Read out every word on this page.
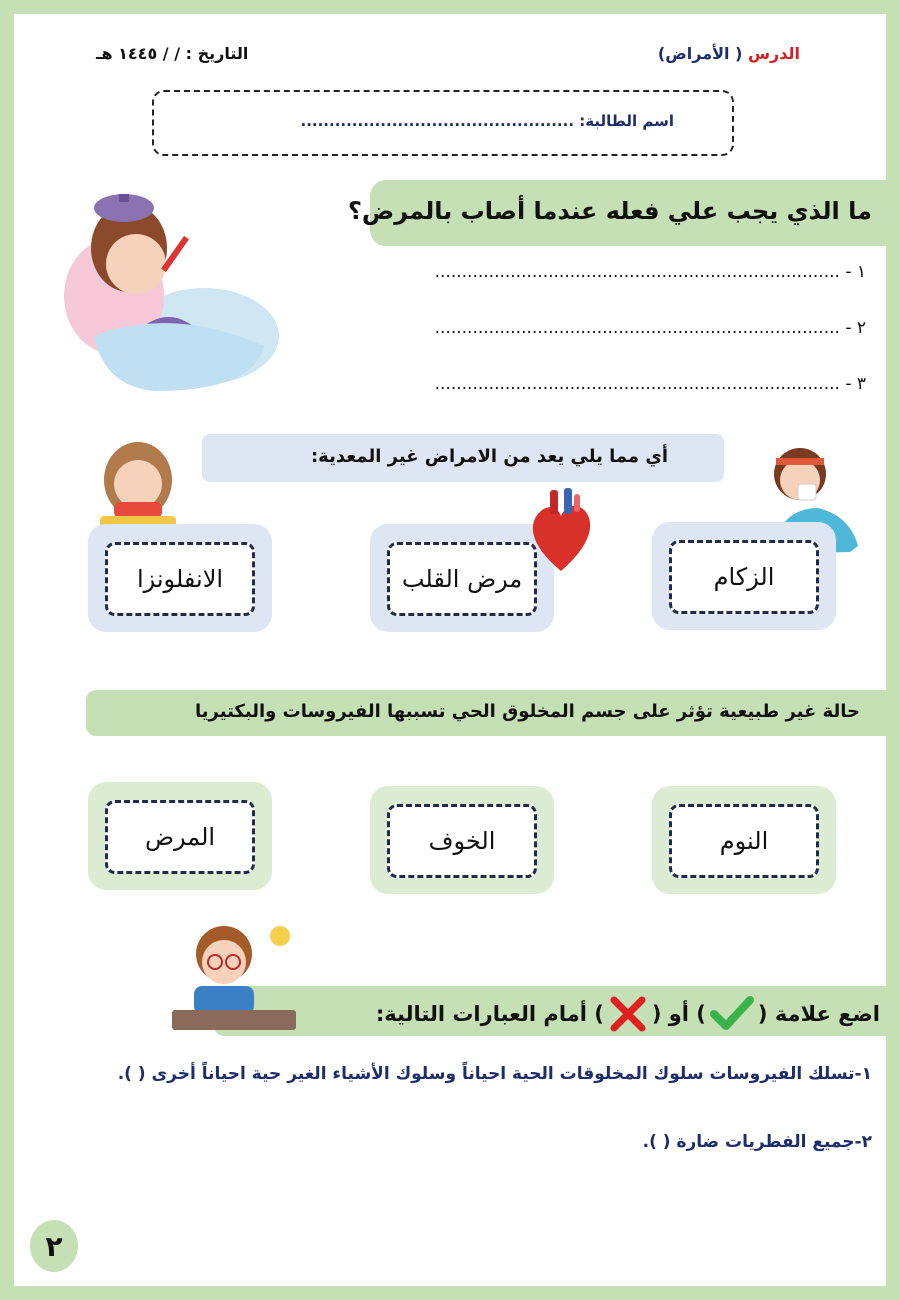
الدرس ( الأمراض)
التاريخ : / / ١٤٤٥ هـ
اسم الطالبة: ................................................
ما الذي يجب علي فعله عندما أصاب بالمرض؟
١ - ...........................................................................
٢ - ...........................................................................
٣ - ...........................................................................
أي مما يلي يعد من الامراض غير المعدية:
الزكام
مرض القلب
الانفلونزا
حالة غير طبيعية تؤثر على جسم المخلوق الحي تسببها الفيروسات والبكتيريا
النوم
الخوف
المرض
اضع علامة (
) أو (
) أمام العبارات التالية:
١-تسلك الفيروسات سلوك المخلوقات الحية احياناً وسلوك الأشياء الغير حية احياناً أخرى ( ).
٢-جميع الفطريات ضارة ( ).
٢
